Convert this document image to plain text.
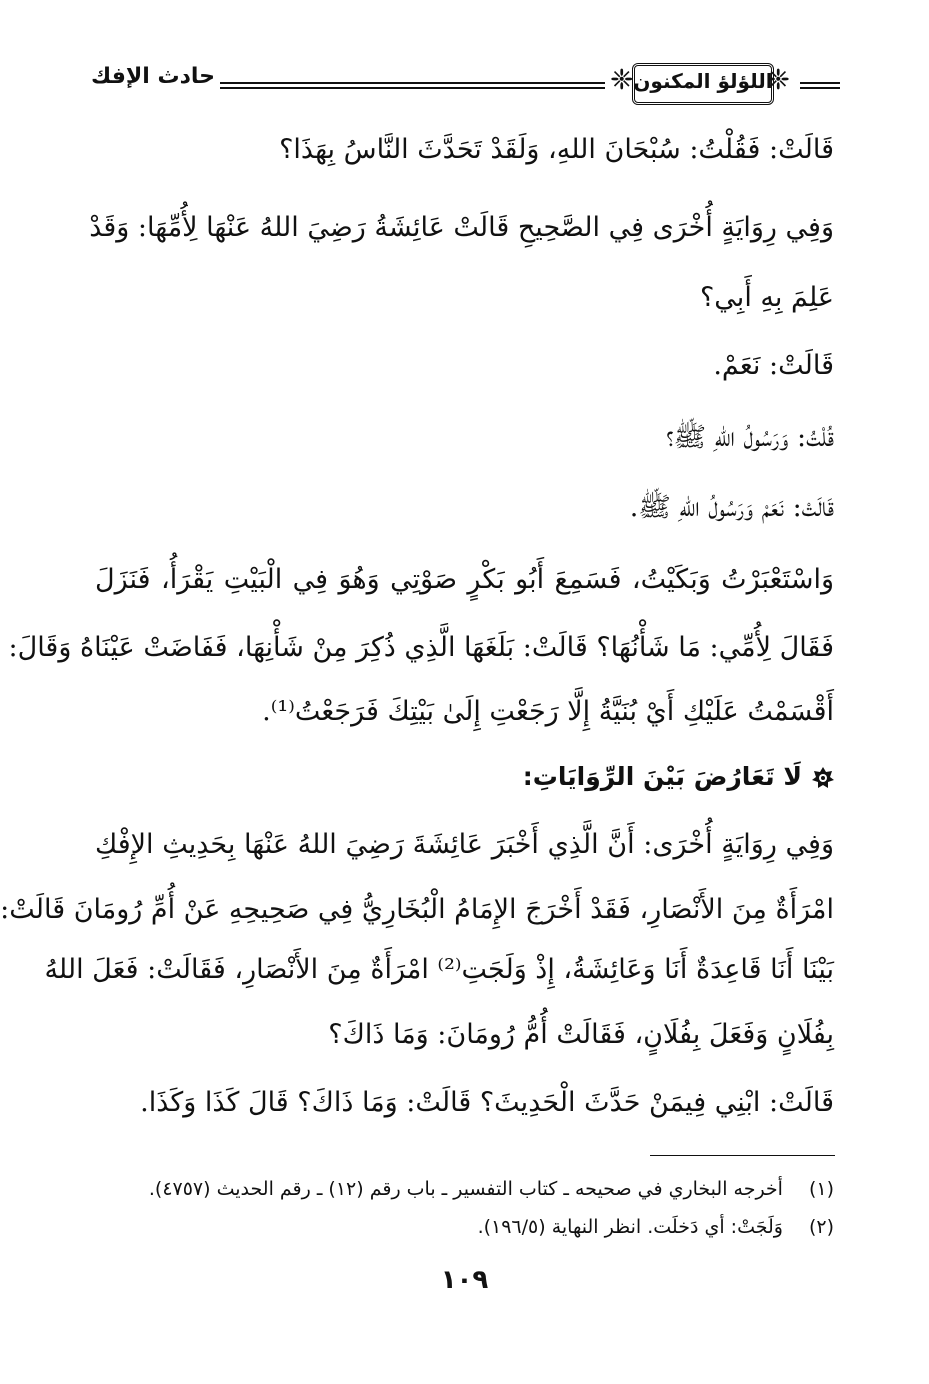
حادث الإفك	❈ اللؤلؤ المكنون
❈
قَالَتْ: فَقُلْتُ: سُبْحَانَ اللهِ، وَلَقَدْ تَحَدَّثَ النَّاسُ بِهَذَا؟
وَفِي رِوَايَةٍ أُخْرَى فِي الصَّحِيحِ قَالَتْ عَائِشَةُ رَضِيَ اللهُ عَنْهَا لِأُمِّهَا: وَقَدْ
عَلِمَ بِهِ أَبِي؟
قَالَتْ: نَعَمْ.
قُلْتُ: وَرَسُولُ اللهِ ﷺ؟
قَالَتْ: نَعَمْ وَرَسُولُ اللهِ ﷺ.
وَاسْتَعْبَرْتُ وَبَكَيْتُ، فَسَمِعَ أَبُو بَكْرٍ صَوْتِي وَهُوَ فِي الْبَيْتِ يَقْرَأُ، فَنَزَلَ
فَقَالَ لِأُمِّي: مَا شَأْنُهَا؟ قَالَتْ: بَلَغَهَا الَّذِي ذُكِرَ مِنْ شَأْنِهَا، فَفَاضَتْ عَيْنَاهُ وَقَالَ:
أَقْسَمْتُ عَلَيْكِ أَيْ بُنَيَّةُ إِلَّا رَجَعْتِ إِلَىٰ بَيْتِكَ فَرَجَعْتُ⁽¹⁾.
لَا تَعَارُضَ بَيْنَ الرِّوَايَاتِ:
وَفِي رِوَايَةٍ أُخْرَى: أَنَّ الَّذِي أَخْبَرَ عَائِشَةَ رَضِيَ اللهُ عَنْهَا بِحَدِيثِ الإِفْكِ
امْرَأَةٌ مِنَ الأَنْصَارِ، فَقَدْ أَخْرَجَ الإِمَامُ الْبُخَارِيُّ فِي صَحِيحِهِ عَنْ أُمِّ رُومَانَ قَالَتْ:
بَيْنَا أَنَا قَاعِدَةٌ أَنَا وَعَائِشَةُ، إِذْ وَلَجَتِ⁽²⁾ امْرَأَةٌ مِنَ الأَنْصَارِ، فَقَالَتْ: فَعَلَ اللهُ
بِفُلَانٍ وَفَعَلَ بِفُلَانٍ، فَقَالَتْ أُمُّ رُومَانَ: وَمَا ذَاكَ؟
قَالَتْ: ابْنِي فِيمَنْ حَدَّثَ الْحَدِيثَ؟ قَالَتْ: وَمَا ذَاكَ؟ قَالَ كَذَا وَكَذَا.
(١) أخرجه البخاري في صحيحه ـ كتاب التفسير ـ باب رقم (١٢) ـ رقم الحديث (٤٧٥٧).
(٢) وَلَجَتْ: أي دَخلَت. انظر النهاية (١٩٦/٥).
١٠٩
